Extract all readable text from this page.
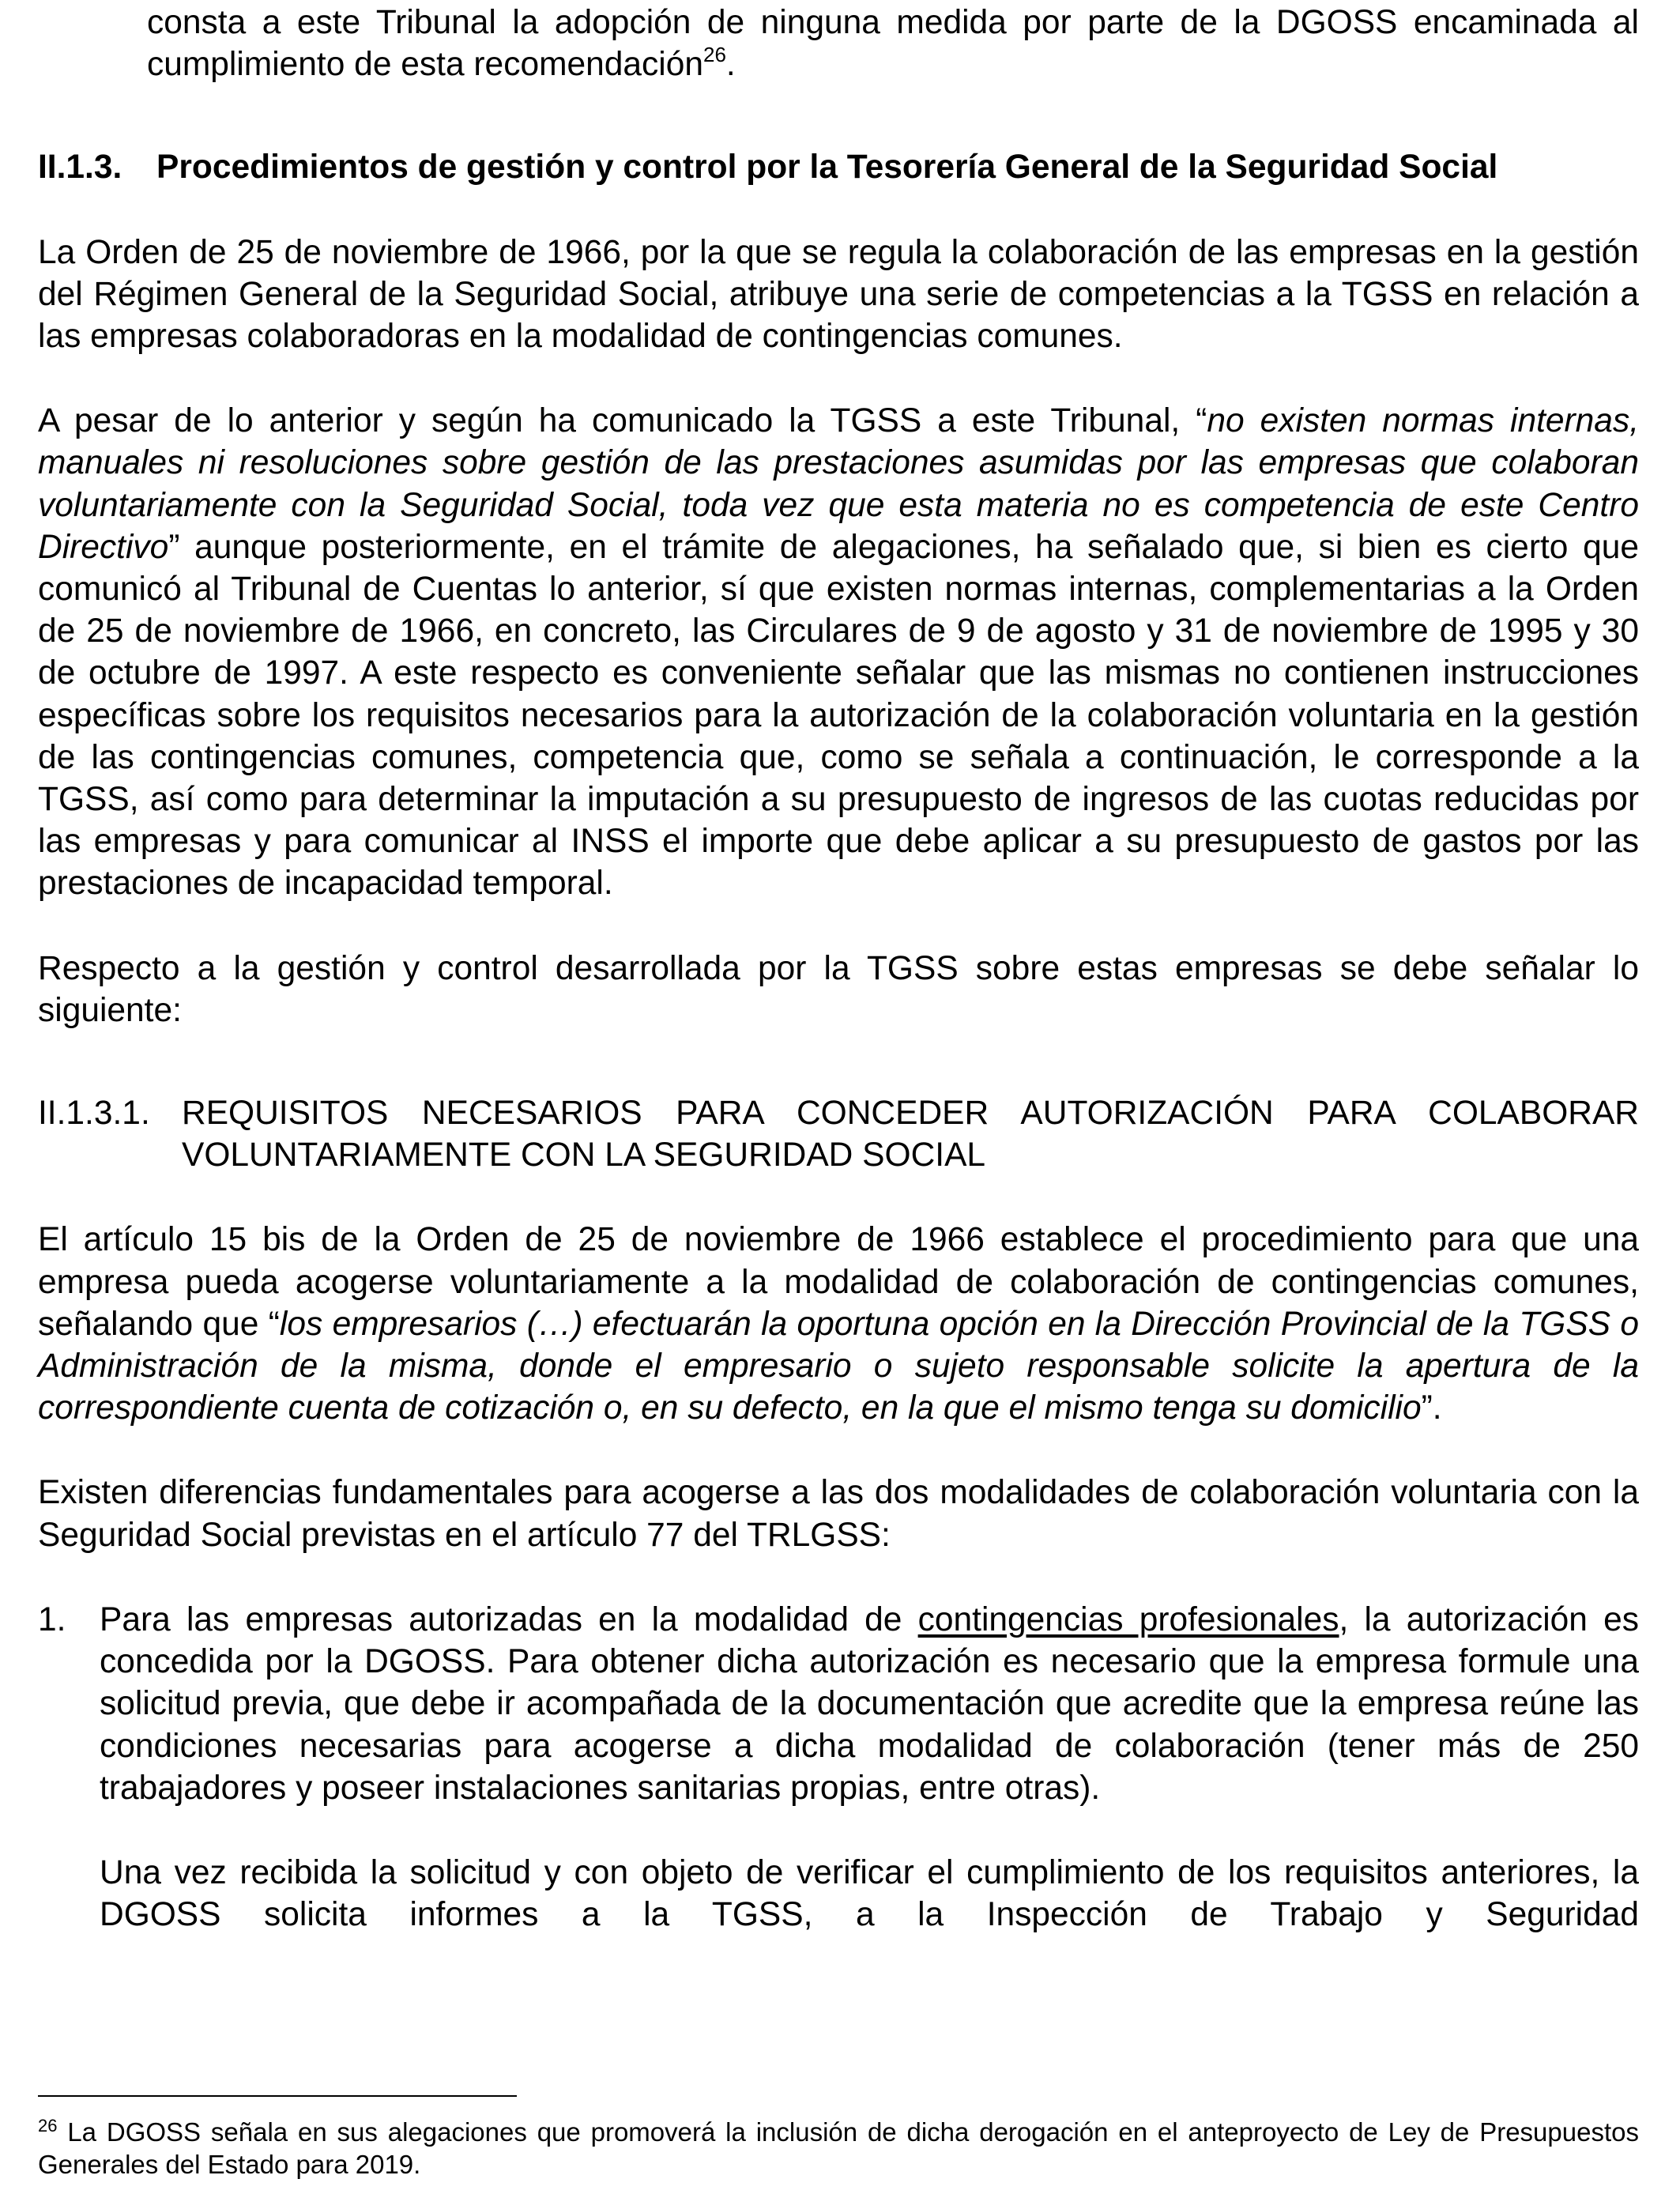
consta a este Tribunal la adopción de ninguna medida por parte de la DGOSS encaminada al cumplimiento de esta recomendación$^{26}$.

II.1.3.	Procedimientos de gestión y control por la Tesorería General de la Seguridad Social

La Orden de 25 de noviembre de 1966, por la que se regula la colaboración de las empresas en la gestión del Régimen General de la Seguridad Social, atribuye una serie de competencias a la TGSS en relación a las empresas colaboradoras en la modalidad de contingencias comunes.

A pesar de lo anterior y según ha comunicado la TGSS a este Tribunal, “no existen normas internas, manuales ni resoluciones sobre gestión de las prestaciones asumidas por las empresas que colaboran voluntariamente con la Seguridad Social, toda vez que esta materia no es competencia de este Centro Directivo” aunque posteriormente, en el trámite de alegaciones, ha señalado que, si bien es cierto que comunicó al Tribunal de Cuentas lo anterior, sí que existen normas internas, complementarias a la Orden de 25 de noviembre de 1966, en concreto, las Circulares de 9 de agosto y 31 de noviembre de 1995 y 30 de octubre de 1997. A este respecto es conveniente señalar que las mismas no contienen instrucciones específicas sobre los requisitos necesarios para la autorización de la colaboración voluntaria en la gestión de las contingencias comunes, competencia que, como se señala a continuación, le corresponde a la TGSS, así como para determinar la imputación a su presupuesto de ingresos de las cuotas reducidas por las empresas y para comunicar al INSS el importe que debe aplicar a su presupuesto de gastos por las prestaciones de incapacidad temporal.

Respecto a la gestión y control desarrollada por la TGSS sobre estas empresas se debe señalar lo siguiente:

II.1.3.1. REQUISITOS NECESARIOS PARA CONCEDER AUTORIZACIÓN PARA COLABORAR VOLUNTARIAMENTE CON LA SEGURIDAD SOCIAL

El artículo 15 bis de la Orden de 25 de noviembre de 1966 establece el procedimiento para que una empresa pueda acogerse voluntariamente a la modalidad de colaboración de contingencias comunes, señalando que “los empresarios (…) efectuarán la oportuna opción en la Dirección Provincial de la TGSS o Administración de la misma, donde el empresario o sujeto responsable solicite la apertura de la correspondiente cuenta de cotización o, en su defecto, en la que el mismo tenga su domicilio”.

Existen diferencias fundamentales para acogerse a las dos modalidades de colaboración voluntaria con la Seguridad Social previstas en el artículo 77 del TRLGSS:

1.	Para las empresas autorizadas en la modalidad de contingencias profesionales, la autorización es concedida por la DGOSS. Para obtener dicha autorización es necesario que la empresa formule una solicitud previa, que debe ir acompañada de la documentación que acredite que la empresa reúne las condiciones necesarias para acogerse a dicha modalidad de colaboración (tener más de 250 trabajadores y poseer instalaciones sanitarias propias, entre otras).

Una vez recibida la solicitud y con objeto de verificar el cumplimiento de los requisitos anteriores, la DGOSS solicita informes a la TGSS, a la Inspección de Trabajo y Seguridad

$^{26}$ La DGOSS señala en sus alegaciones que promoverá la inclusión de dicha derogación en el anteproyecto de Ley de Presupuestos Generales del Estado para 2019.
